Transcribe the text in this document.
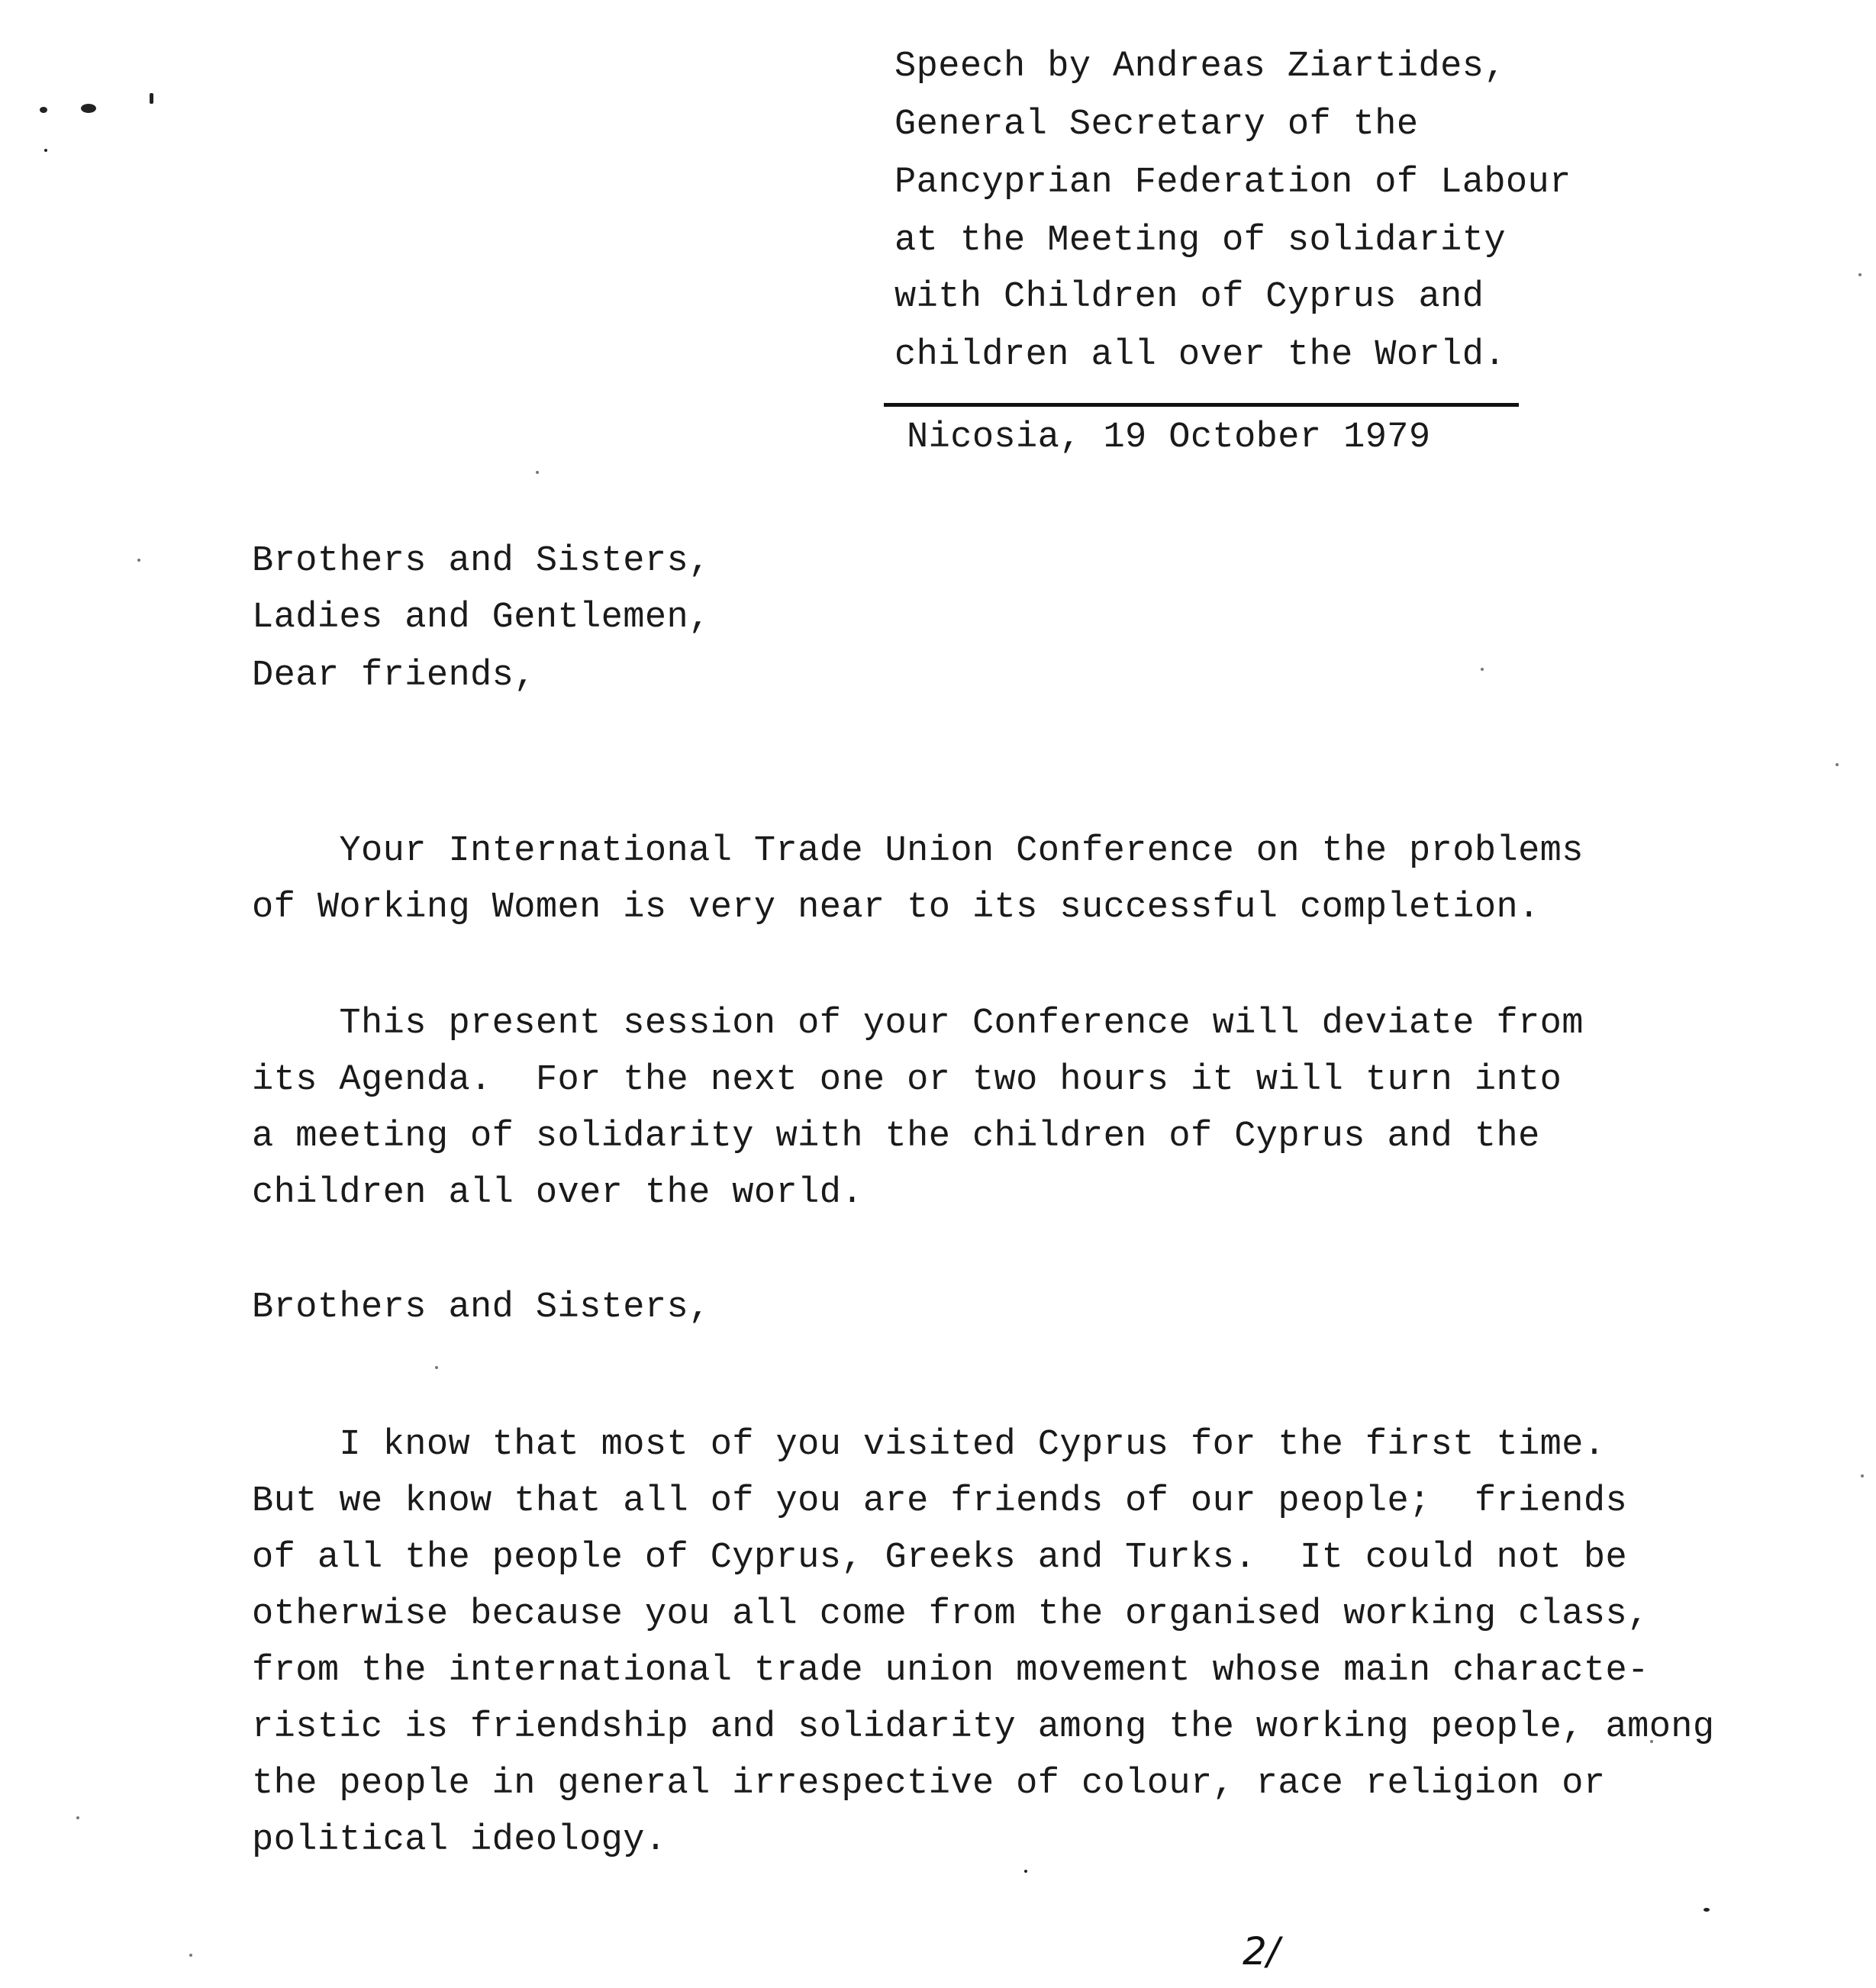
Speech by Andreas Ziartides,
General Secretary of the
Pancyprian Federation of Labour
at the Meeting of solidarity
with Children of Cyprus and
children all over the World.
Nicosia, 19 October 1979
Brothers and Sisters,
Ladies and Gentlemen,
Dear friends,
Your International Trade Union Conference on the problems
of Working Women is very near to its successful completion.
This present session of your Conference will deviate from
its Agenda.  For the next one or two hours it will turn into
a meeting of solidarity with the children of Cyprus and the
children all over the world.
Brothers and Sisters,
I know that most of you visited Cyprus for the first time.
But we know that all of you are friends of our people;  friends
of all the people of Cyprus, Greeks and Turks.  It could not be
otherwise because you all come from the organised working class,
from the international trade union movement whose main characte-
ristic is friendship and solidarity among the working people, among
the people in general irrespective of colour, race religion or
political ideology.
2/
